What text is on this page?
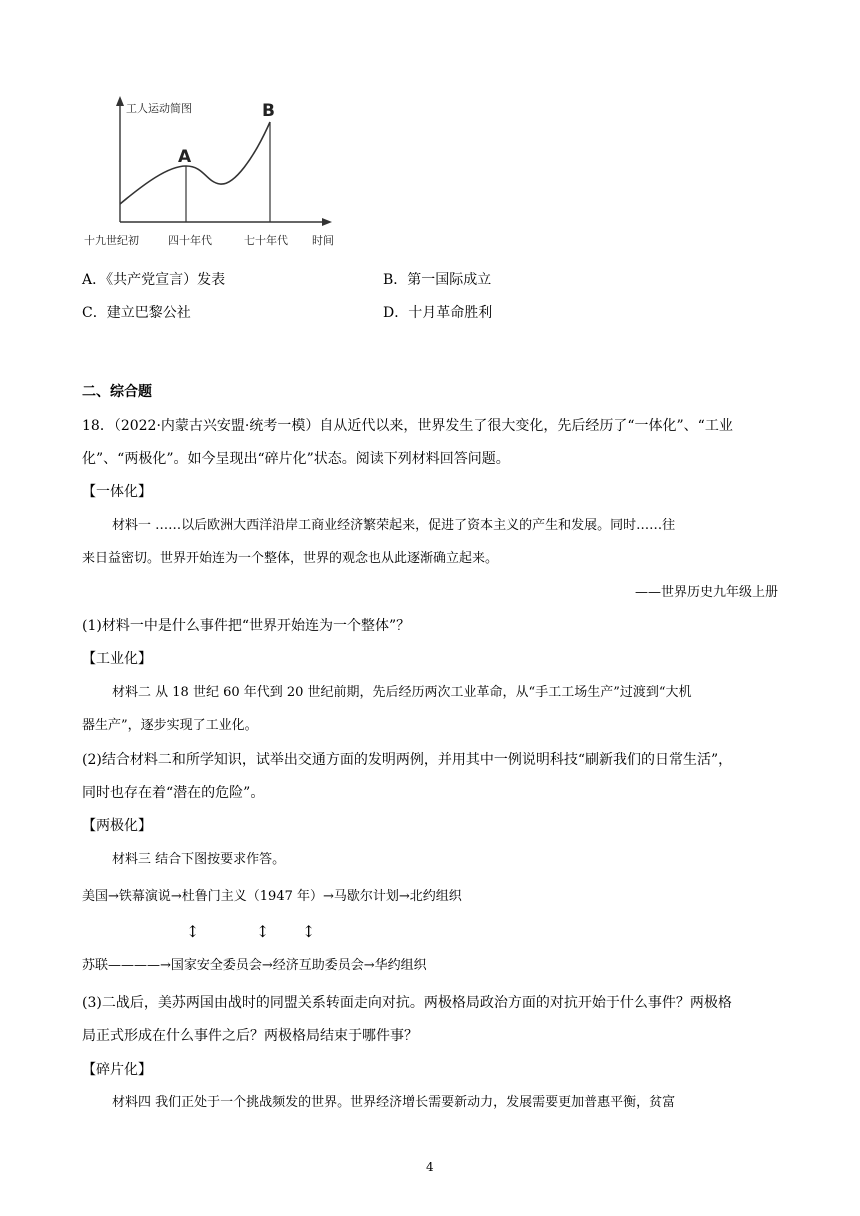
工人运动简图
A
B
十九世纪初	四十年代	七十年代 时间
A．《共产党宣言）发表	B．第一国际成立
C．建立巴黎公社	D．十月革命胜利
二、综合题
18．（2022·内蒙古兴安盟·统考一模）自从近代以来，世界发生了很大变化，先后经历了“一体化”、“工业
化”、“两极化”。如今呈现出“碎片化”状态。阅读下列材料回答问题。
【一体化】
材料一 ……以后欧洲大西洋沿岸工商业经济繁荣起来，促进了资本主义的产生和发展。同时……往
来日益密切。世界开始连为一个整体，世界的观念也从此逐渐确立起来。
——世界历史九年级上册
(1)材料一中是什么事件把“世界开始连为一个整体”？
【工业化】
材料二 从 18 世纪 60 年代到 20 世纪前期，先后经历两次工业革命，从“手工工场生产”过渡到“大机
器生产”，逐步实现了工业化。
(2)结合材料二和所学知识，试举出交通方面的发明两例，并用其中一例说明科技“刷新我们的日常生活”，
同时也存在着“潜在的危险”。
【两极化】
材料三 结合下图按要求作答。
美国→铁幕演说→杜鲁门主义（1947 年）→马歇尔计划→北约组织
↕	↕ ↕
苏联————→国家安全委员会→经济互助委员会→华约组织
(3)二战后，美苏两国由战时的同盟关系转面走向对抗。两极格局政治方面的对抗开始于什么事件？两极格
局正式形成在什么事件之后？两极格局结束于哪件事？
【碎片化】
材料四 我们正处于一个挑战频发的世界。世界经济增长需要新动力，发展需要更加普惠平衡，贫富
4
